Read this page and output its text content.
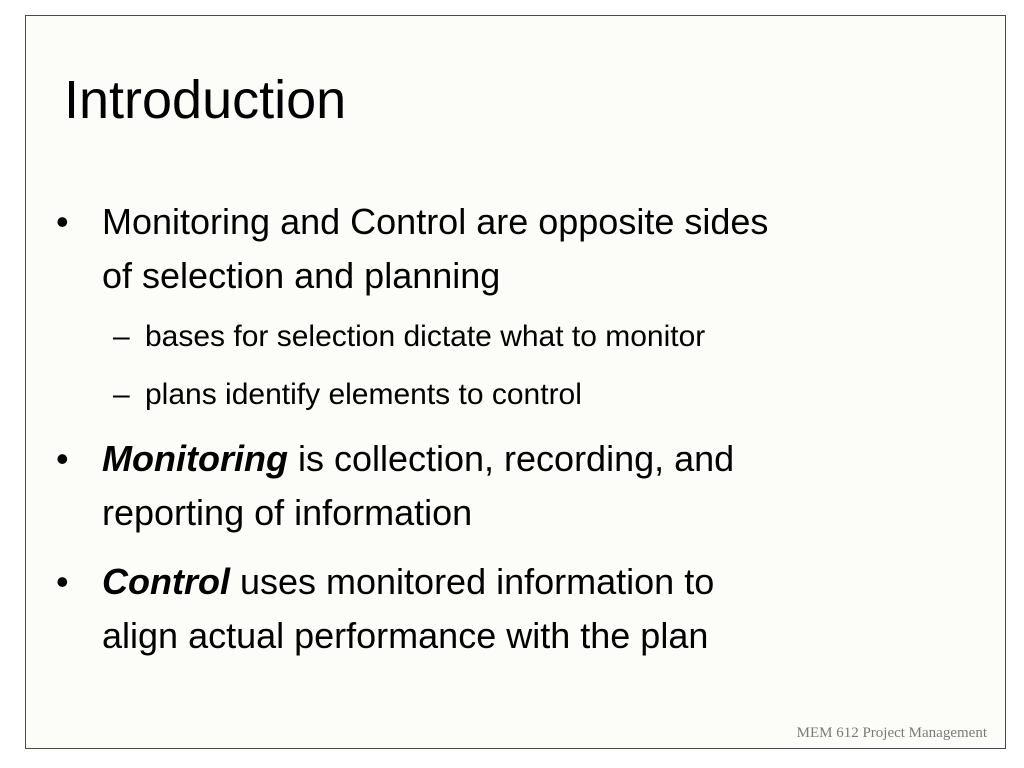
Introduction
• Monitoring and Control are opposite sides
of selection and planning
– bases for selection dictate what to monitor
– plans identify elements to control
• Monitoring is collection, recording, and
reporting of information
• Control uses monitored information to
align actual performance with the plan
MEM 612 Project Management
